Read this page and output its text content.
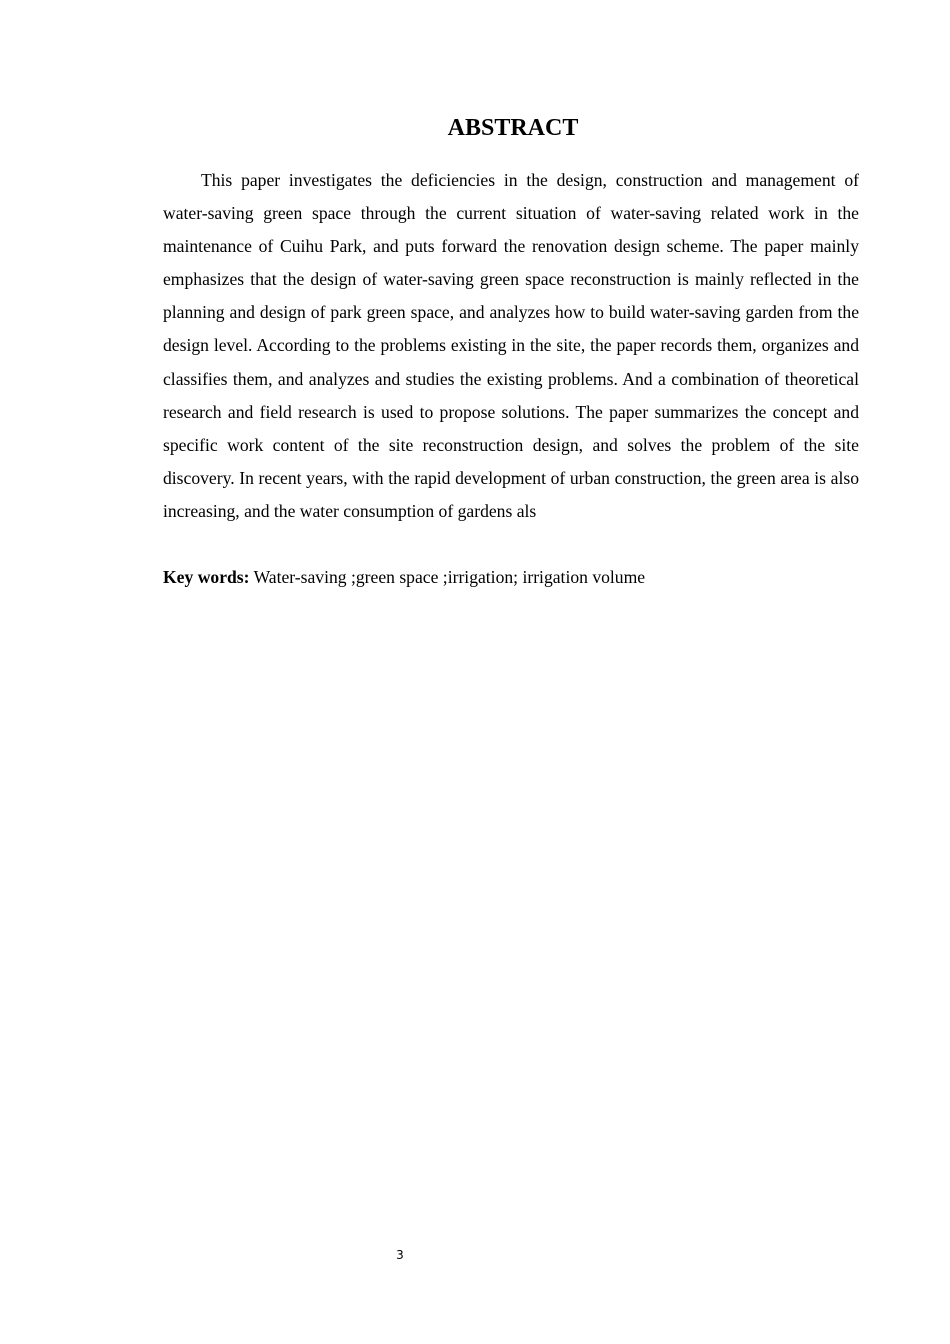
ABSTRACT

This paper investigates the deficiencies in the design, construction and management of water-saving green space through the current situation of water-saving related work in the maintenance of Cuihu Park, and puts forward the renovation design scheme. The paper mainly emphasizes that the design of water-saving green space reconstruction is mainly reflected in the planning and design of park green space, and analyzes how to build water-saving garden from the design level. According to the problems existing in the site, the paper records them, organizes and classifies them, and analyzes and studies the existing problems. And a combination of theoretical research and field research is used to propose solutions. The paper summarizes the concept and specific work content of the site reconstruction design, and solves the problem of the site discovery. In recent years, with the rapid development of urban construction, the green area is also increasing, and the water consumption of gardens als

Key words: Water-saving ;green space ;irrigation; irrigation volume

3
